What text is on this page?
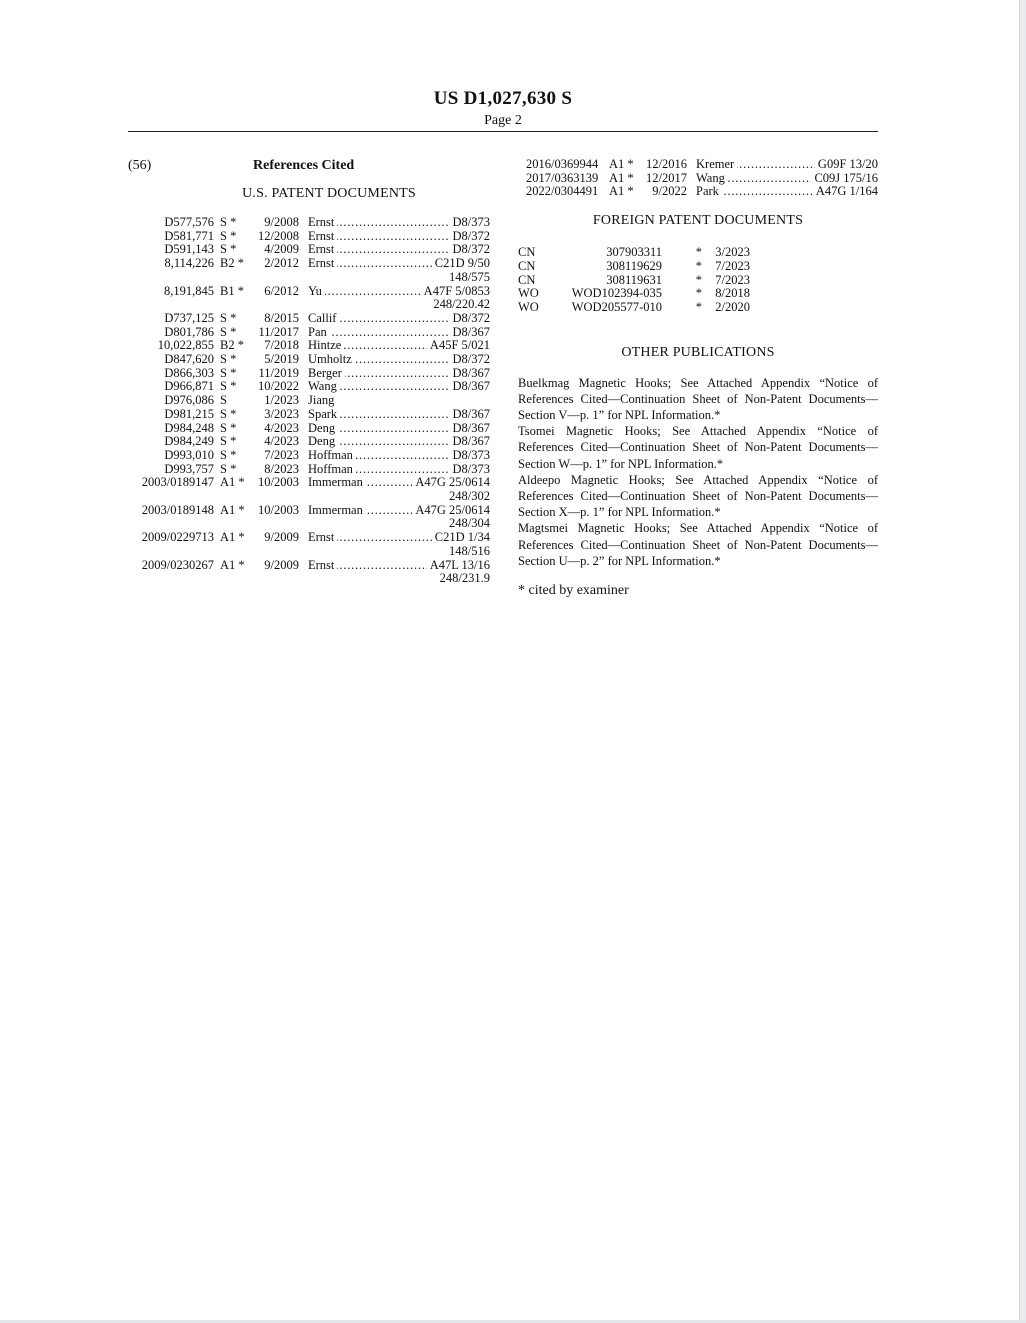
US D1,027,630 S
Page 2
(56)	References Cited
U.S. PATENT DOCUMENTS
D577,576 S *	9/2008 ..... Ernst	D8/373
D581,771 S *	12/2008 ..... Ernst	D8/372
D591,143 S *	4/2009 ..... Ernst	D8/372
8,114,226 B2 *	2/2012 ..... Ernst	C21D 9/50
148/575
8,191,845 B1 *	6/2012 ..... Yu	A47F 5/0853
248/220.42
D737,125 S *	8/2015 ..... Callif	D8/372
D801,786 S *	11/2017 ..... Pan	D8/367
10,022,855 B2 *	7/2018 ..... Hintze	A45F 5/021
D847,620 S *	5/2019 ..... Umholtz	D8/372
D866,303 S *	11/2019 ..... Berger	D8/367
D966,871 S *	10/2022 ..... Wang	D8/367
D976,086 S	1/2023 Jiang
D981,215 S *	3/2023 ..... Spark	D8/367
D984,248 S *	4/2023 ..... Deng	D8/367
D984,249 S *	4/2023 ..... Deng	D8/367
D993,010 S *	7/2023 ..... Hoffman	D8/373
D993,757 S *	8/2023 ..... Hoffman	D8/373
2003/0189147 A1 *	10/2003 ..... Immerman	A47G 25/0614
248/302
2003/0189148 A1 *	10/2003 ..... Immerman	A47G 25/0614
248/304
2009/0229713 A1 *	9/2009 ..... Ernst	C21D 1/34
148/516
2009/0230267 A1 *	9/2009 ..... Ernst	A47L 13/16
248/231.9
2016/0369944 A1 * 12/2016 ..... Kremer	G09F 13/20
2017/0363139 A1 * 12/2017 ..... Wang	C09J 175/16
2022/0304491 A1 *	9/2022 ..... Park	A47G 1/164
FOREIGN PATENT DOCUMENTS
CN	307903311	*	3/2023
CN	308119629	*	7/2023
CN	308119631	*	7/2023
WO	WOD102394-035	*	8/2018
WO	WOD205577-010	*	2/2020
OTHER PUBLICATIONS

Buelkmag Magnetic Hooks; See Attached Appendix “Notice of References Cited—Continuation Sheet of Non-Patent Documents—Section V—p. 1” for NPL Information.*

Tsomei Magnetic Hooks; See Attached Appendix “Notice of References Cited—Continuation Sheet of Non-Patent Documents—Section W—p. 1” for NPL Information.*

Aldeepo Magnetic Hooks; See Attached Appendix “Notice of References Cited—Continuation Sheet of Non-Patent Documents—Section X—p. 1” for NPL Information.*

Magtsmei Magnetic Hooks; See Attached Appendix “Notice of References Cited—Continuation Sheet of Non-Patent Documents—Section U—p. 2” for NPL Information.*

* cited by examiner
